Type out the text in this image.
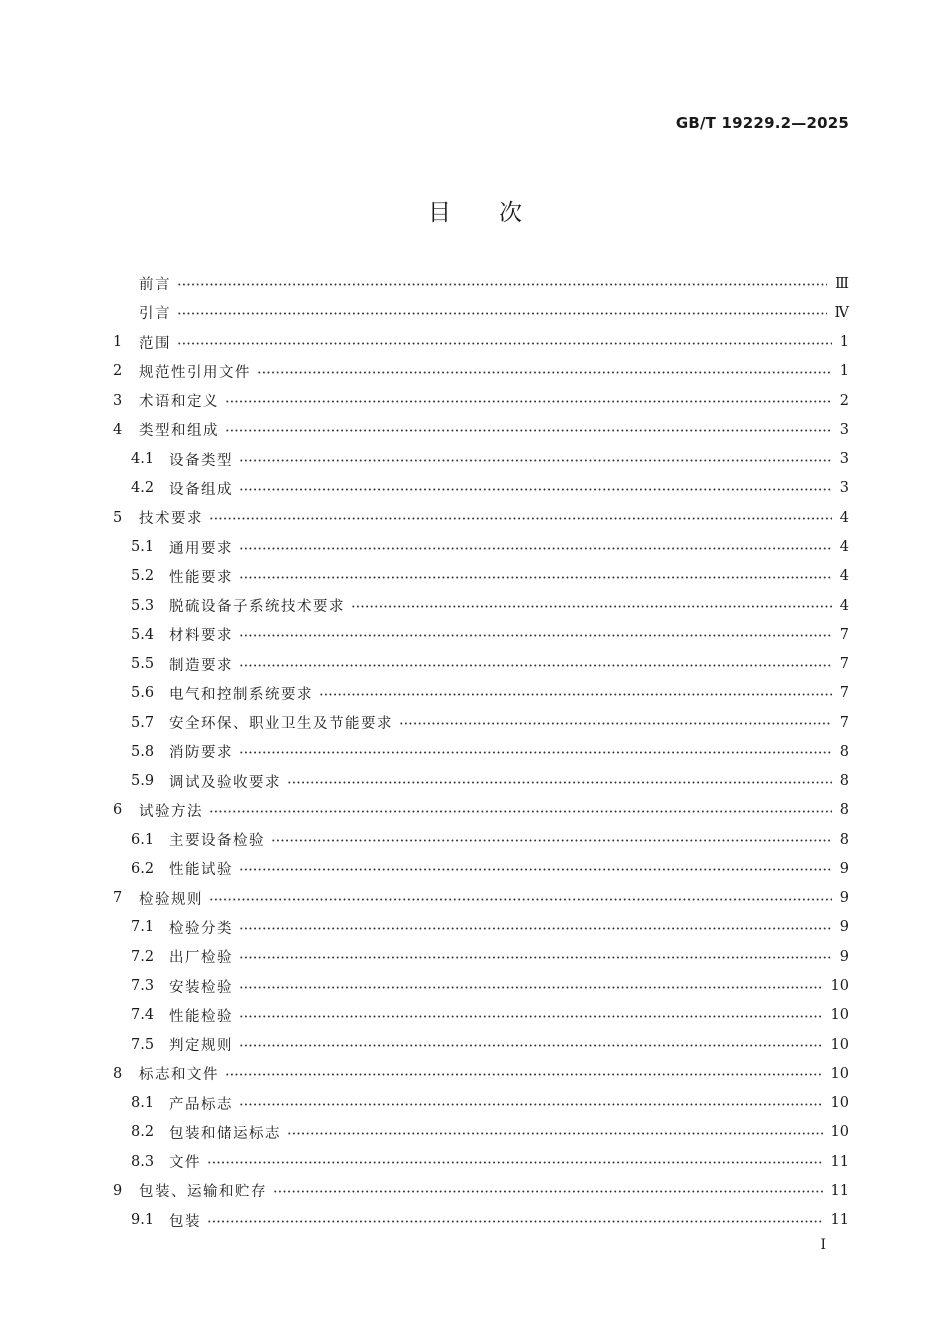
GB/T 19229.2—2025
目次
前言	Ⅲ
引言	Ⅳ
1	范围	1
2	规范性引用文件	1
3	术语和定义	2
4	类型和组成	3
4.1	设备类型	3
4.2	设备组成	3
5	技术要求	4
5.1	通用要求	4
5.2	性能要求	4
5.3	脱硫设备子系统技术要求	4
5.4	材料要求	7
5.5	制造要求	7
5.6	电气和控制系统要求	7
5.7	安全环保、职业卫生及节能要求	7
5.8	消防要求	8
5.9	调试及验收要求	8
6	试验方法	8
6.1	主要设备检验	8
6.2	性能试验	9
7	检验规则	9
7.1	检验分类	9
7.2	出厂检验	9
7.3	安装检验	10
7.4	性能检验	10
7.5	判定规则	10
8	标志和文件	10
8.1	产品标志	10
8.2	包装和储运标志	10
8.3	文件	11
9	包装、运输和贮存	11
9.1	包装	11
Ⅰ
